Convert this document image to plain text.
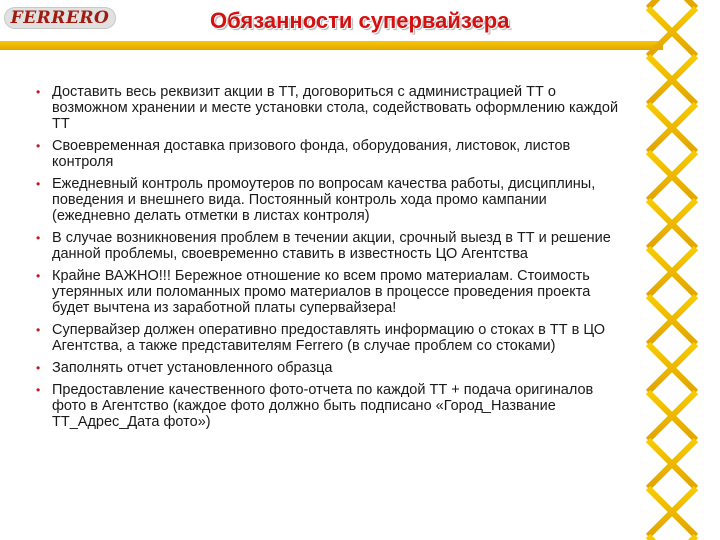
FERRERO	Обязанности супервайзера
• Доставить весь реквизит акции в ТТ, договориться с администрацией ТТ о
возможном хранении и месте установки стола, содействовать оформлению каждой
ТТ
• Своевременная доставка призового фонда, оборудования, листовок, листов
контроля
• Ежедневный контроль промоутеров по вопросам качества работы, дисциплины,
поведения и внешнего вида. Постоянный контроль хода промо кампании
(ежедневно делать отметки в листах контроля)
• В случае возникновения проблем в течении акции, срочный выезд в ТТ и решение
данной проблемы, своевременно ставить в известность ЦО Агентства
• Крайне ВАЖНО!!! Бережное отношение ко всем промо материалам. Стоимость
утерянных или поломанных промо материалов в процессе проведения проекта
будет вычтена из заработной платы супервайзера!
• Супервайзер должен оперативно предоставлять информацию о стоках в ТТ в ЦО
Агентства, а также представителям Ferrero (в случае проблем со стоками)
• Заполнять отчет установленного образца
• Предоставление качественного фото-отчета по каждой ТТ + подача оригиналов
фото в Агентство (каждое фото должно быть подписано «Город_Название
ТТ_Адрес_Дата фото»)
